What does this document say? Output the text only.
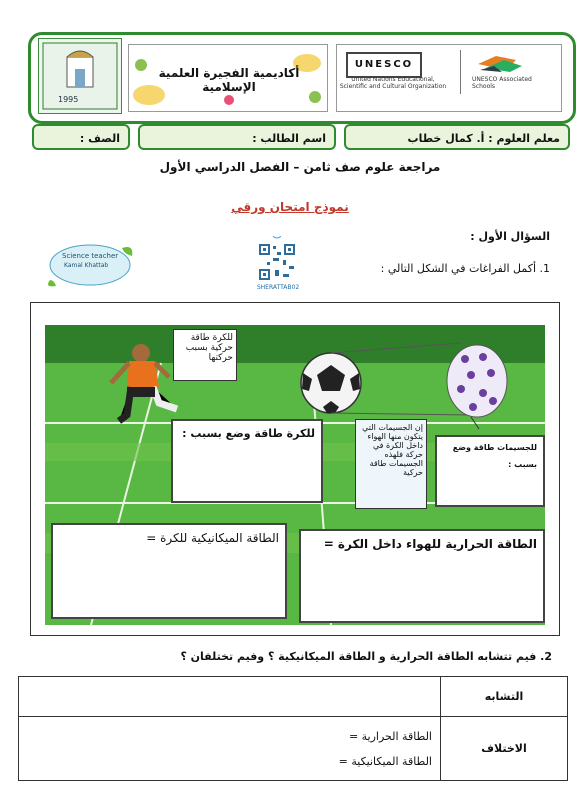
1995
أكاديمية الفجيرة العلمية الإسلامية
UNESCO
United Nations Educational, Scientific and Cultural Organization
UNESCO Associated Schools
معلم العلوم : أ. كمال خطاب
اسم الطالب :
الصف :
مراجعة علوم صف ثامن – الفصل الدراسي الأول
نموذج امتحان ورقي
السؤال الأول :
1. أكمل الفراغات في الشكل التالي :
Science teacher
Kamal Khattab
SHERATTAB02
للكرة طاقة حركية بسبب حركتها
إن الجسيمات التي يتكون منها الهواء داخل الكرة في حركة فلهذه الجسيمات طاقة حركية
للكرة طاقة وضع بسبب :
للجسيمات طاقة وضع
بسبب :
الطاقة الحرارية للهواء داخل الكرة =
الطاقة الميكانيكية للكرة =
2. فيم تتشابه الطاقة الحرارية و الطاقة الميكانيكية ؟ وفيم تختلفان ؟
التشابه	
الاختلاف	الطاقة الحرارية =
الطاقة الميكانيكية =
